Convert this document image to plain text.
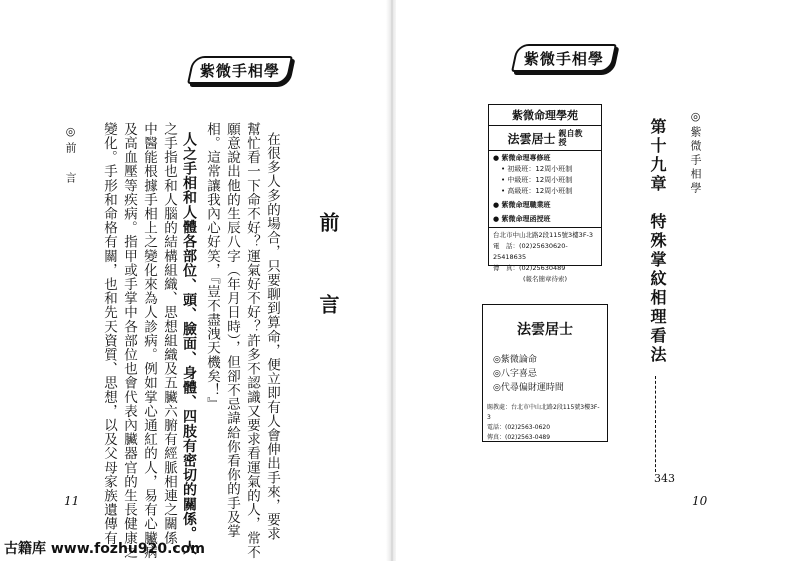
紫微手相學
前
言
在很多人多的場合，只要聊到算命，便立即有人會伸出手來，要求
幫忙看一下命不好？運氣好不好？許多不認識又要求看運氣的人，常不
願意說出他的生辰八字（年月日時），但卻不忌諱給你看你的手及掌
相。這常讓我內心好笑，『豈不盡洩天機矣！』
人之手相和人體各部位、頭、臉面、身體、四肢有密切的關係。人
之手指也和人腦的結構組織、思想組織及五臟六腑有經脈相連之關係。
中醫能根據手相上之變化來為人診病。例如掌心通紅的人，易有心臟病
及高血壓等疾病。指甲或手掌中各部位也會代表內臟器官的生長健康之
變化。手形和命格有關，也和先天資質、思想，以及父母家族遺傳有
◎前　言
11
紫微手相學
紫微命理學苑
法雲居士 親自教授
● 紫微命理專修班
• 初級班：12周小班制
• 中級班：12周小班制
• 高級班：12周小班制
● 紫微命理職業班
● 紫微命理函授班
台北市中山北路2段115號3樓3F-3
電　話：(02)25630620-25418635
傳　真：(02)25630489
(報名簡章待索)
法雲居士
◎紫微論命
◎八字喜忌
◎代尋偏財運時間
賜教處：台北市中山北路2段115號3樓3F-3
電話：(02)2563-0620
傳真：(02)2563-0489
第十九章　特殊掌紋相理看法 ◎紫微手相學
343
10
古籍库 www.fozhu920.com
